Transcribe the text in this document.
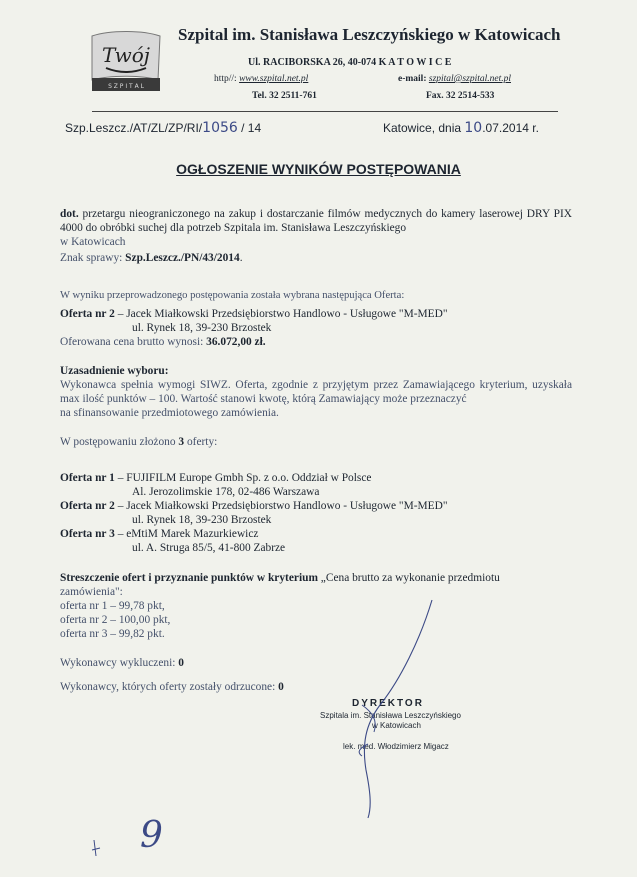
Twój
S Z P I T A L
Szpital im. Stanisława Leszczyńskiego w Katowicach
Ul. RACIBORSKA 26, 40-074 K A T O W I C E
http//: www.szpital.net.pl	e-mail: szpital@szpital.net.pl
Tel. 32 2511-761	Fax. 32 2514-533
Szp.Leszcz./AT/ZL/ZP/RI/1056 / 14	Katowice, dnia 10.07.2014 r.
OGŁOSZENIE WYNIKÓW POSTĘPOWANIA
dot. przetargu nieograniczonego na zakup i dostarczanie filmów medycznych do kamery laserowej DRY PIX 4000 do obróbki suchej dla potrzeb Szpitala im. Stanisława Leszczyńskiego
w Katowicach
Znak sprawy: Szp.Leszcz./PN/43/2014.
W wyniku przeprowadzonego postępowania została wybrana następująca Oferta:
Oferta nr 2 – Jacek Miałkowski Przedsiębiorstwo Handlowo - Usługowe "M-MED"
ul. Rynek 18, 39-230 Brzostek
Oferowana cena brutto wynosi: 36.072,00 zł.
Uzasadnienie wyboru:
Wykonawca spełnia wymogi SIWZ. Oferta, zgodnie z przyjętym przez Zamawiającego kryterium, uzyskała max ilość punktów – 100. Wartość stanowi kwotę, którą Zamawiający może przeznaczyć
na sfinansowanie przedmiotowego zamówienia.
W postępowaniu złożono 3 oferty:
Oferta nr 1 – FUJIFILM Europe Gmbh Sp. z o.o. Oddział w Polsce
Al. Jerozolimskie 178, 02-486 Warszawa
Oferta nr 2 – Jacek Miałkowski Przedsiębiorstwo Handlowo - Usługowe "M-MED"
ul. Rynek 18, 39-230 Brzostek
Oferta nr 3 – eMtiM Marek Mazurkiewicz
ul. A. Struga 85/5, 41-800 Zabrze
Streszczenie ofert i przyznanie punktów w kryterium „Cena brutto za wykonanie przedmiotu
zamówienia":
oferta nr 1 – 99,78 pkt,
oferta nr 2 – 100,00 pkt,
oferta nr 3 – 99,82 pkt.
Wykonawcy wykluczeni: 0
Wykonawcy, których oferty zostały odrzucone: 0
DYREKTOR
Szpitala im. Stanisława Leszczyńskiego
w Katowicach
lek. med. Włodzimierz Migacz
9
